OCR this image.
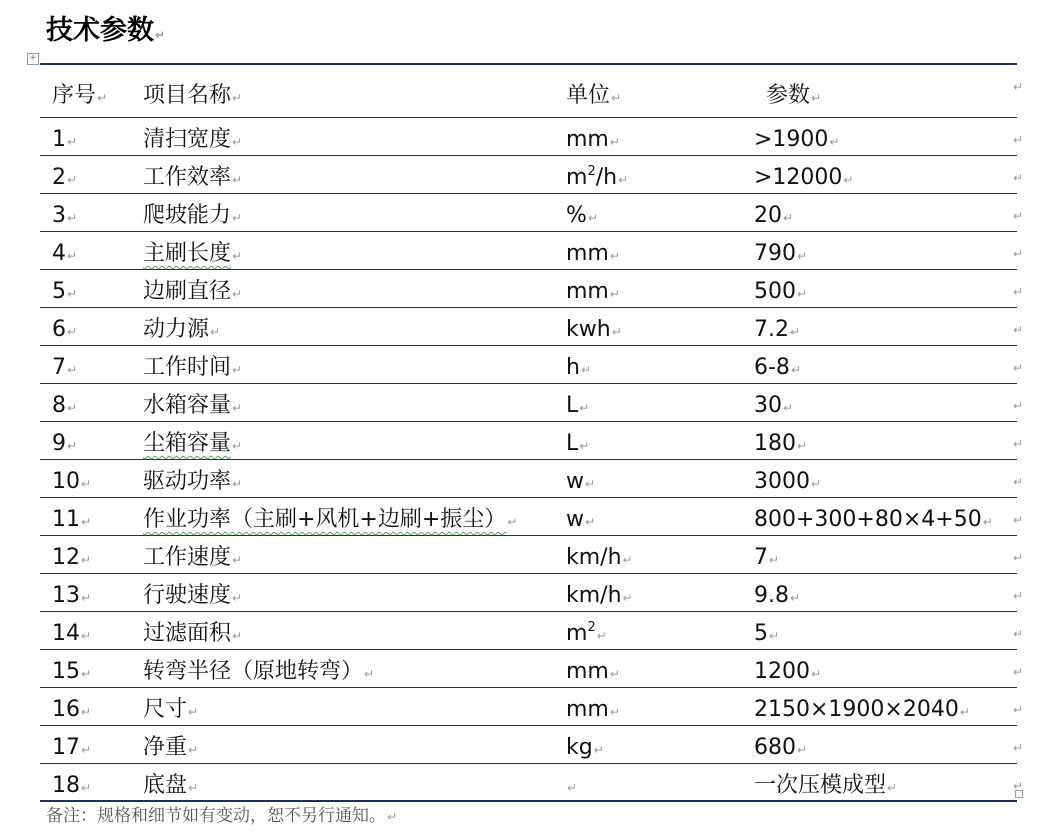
技术参数↵
+
序号↵ 项目名称↵	单位↵	参数↵
↵
1↵	清扫宽度↵	mm↵	>1900↵	↵
2↵	工作效率↵	$m^2/h↵$	>12000↵	↵
3↵	爬坡能力↵	%↵	20↵	↵
4↵	主刷长度↵	mm↵	790↵	↵
5↵	边刷直径↵	mm↵	500↵	↵
6↵	动力源↵	kwh↵	7.2↵	↵
7↵	工作时间↵	h↵	6-8↵	↵
8↵	水箱容量↵	L↵	30↵	↵
9↵	尘箱容量↵	L↵	180↵	↵
10↵ 驱动功率↵	w↵	3000↵	↵
11↵ 作业功率（主刷+风机+边刷+振尘）↵ w↵	800+300+80×4+50↵ ↵
12↵ 工作速度↵	km/h↵	7↵	↵
13↵ 行驶速度↵	km/h↵	9.8↵	↵
14↵ 过滤面积↵	$m^2↵$	5↵	↵
15↵ 转弯半径（原地转弯）↵	mm↵	1200↵	↵
16↵ 尺寸↵	mm↵	2150×1900×2040↵	↵
17↵ 净重↵	kg↵	680↵	↵
18↵ 底盘↵	↵	一次压模成型↵	↵
备注：规格和细节如有变动，恕不另行通知。↵
